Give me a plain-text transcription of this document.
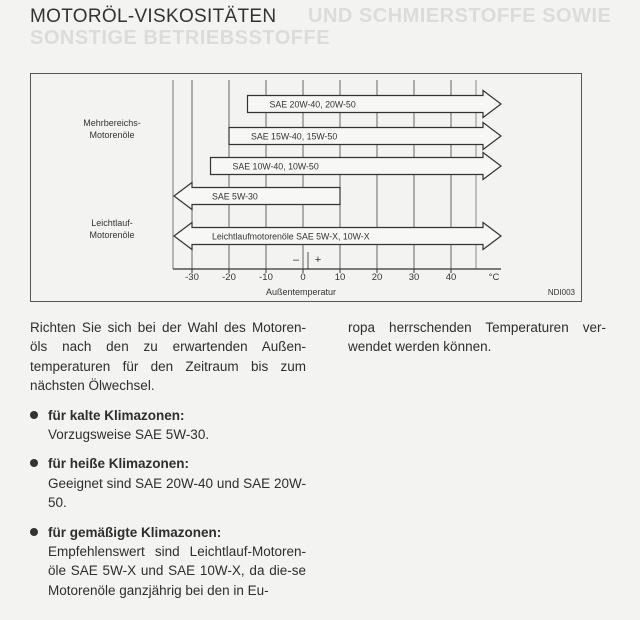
UND SCHMIERSTOFFE SOWIE
SONSTIGE BETRIEBSSTOFFE
MOTORÖL-VISKOSITÄTEN
-30 -20 -10	0	10	20	30	40	°C
– +
Außentemperatur	NDI003
Mehrbereichs-
Motorenöle
Leichtlauf-
Motorenöle
SAE 20W-40, 20W-50
SAE 15W-40, 15W-50
SAE 10W-40, 10W-50
SAE 5W-30
Leichtlaufmotorenöle SAE 5W-X, 10W-X

Richten Sie sich bei der Wahl des Motoren-öls nach den zu erwartenden Außen-temperaturen für den Zeitraum bis zum nächsten Ölwechsel.

für kalte Klimazonen:

Vorzugsweise SAE 5W-30.

für heiße Klimazonen:

Geeignet sind SAE 20W-40 und SAE 20W-50.

für gemäßigte Klimazonen:

Empfehlenswert sind Leichtlauf-Motoren-öle SAE 5W-X und SAE 10W-X, da die-se Motorenöle ganzjährig bei den in Eu-

ropa herrschenden Temperaturen ver-wendet werden können.
